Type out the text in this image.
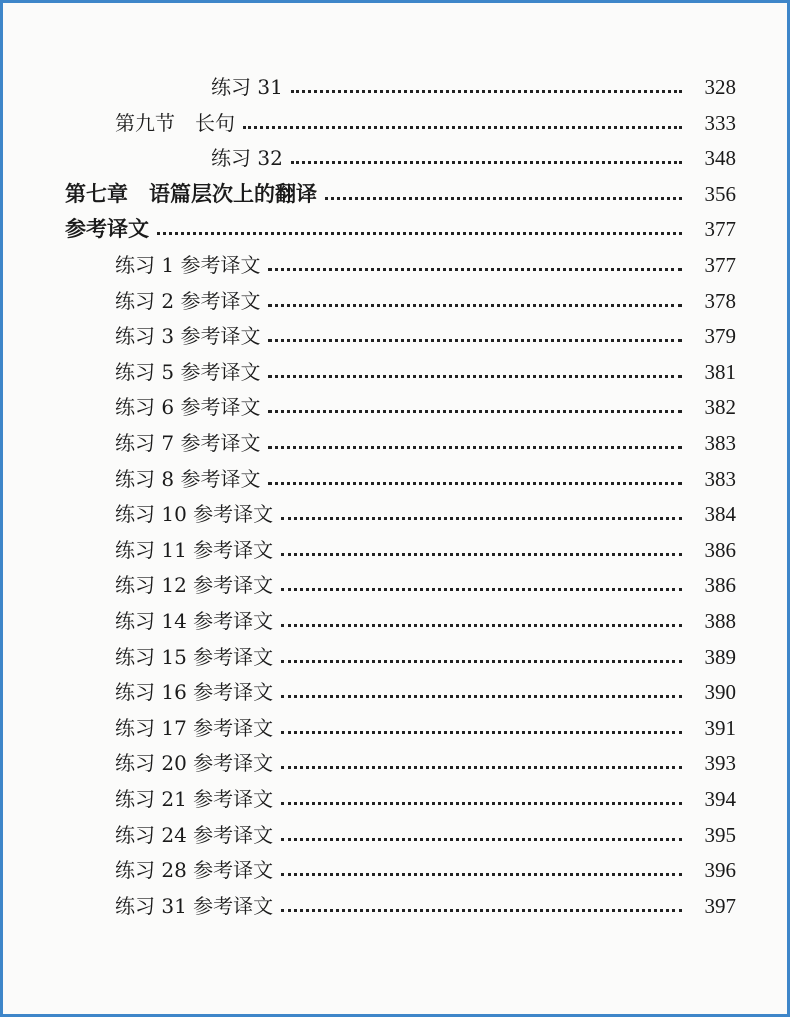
练习 31	328
第九节　长句	333
练习 32	348
第七章　语篇层次上的翻译	356
参考译文	377
练习 1 参考译文	377
练习 2 参考译文	378
练习 3 参考译文	379
练习 5 参考译文	381
练习 6 参考译文	382
练习 7 参考译文	383
练习 8 参考译文	383
练习 10 参考译文	384
练习 11 参考译文	386
练习 12 参考译文	386
练习 14 参考译文	388
练习 15 参考译文	389
练习 16 参考译文	390
练习 17 参考译文	391
练习 20 参考译文	393
练习 21 参考译文	394
练习 24 参考译文	395
练习 28 参考译文	396
练习 31 参考译文	397
